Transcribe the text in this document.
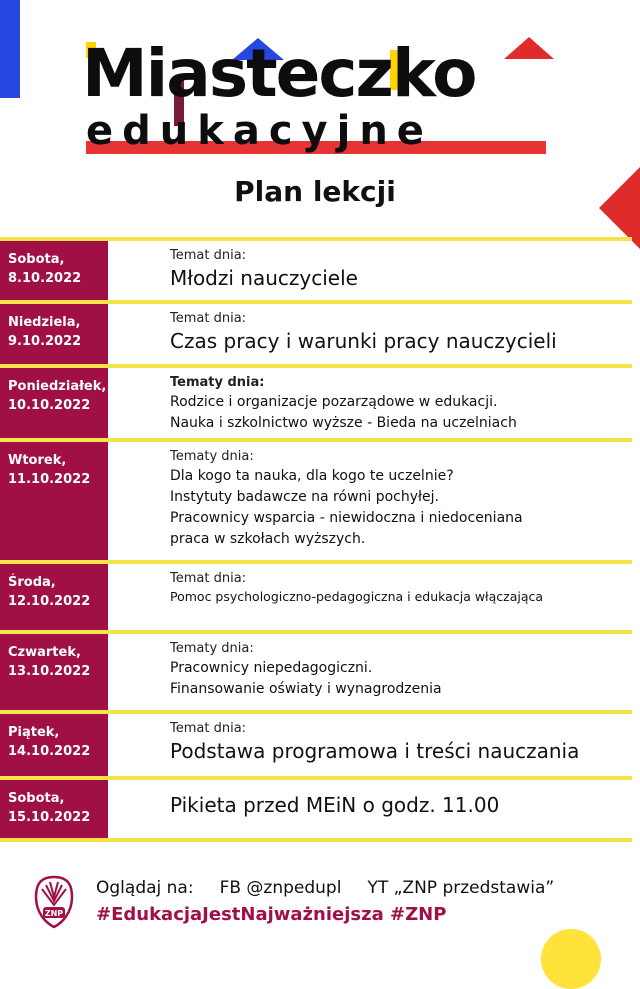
Miasteczko
edukacyjne
Plan lekcji
Sobota,
8.10.2022
Temat dnia:
Młodzi nauczyciele
Niedziela,
9.10.2022
Temat dnia:
Czas pracy i warunki pracy nauczycieli
Poniedziałek,
10.10.2022
Tematy dnia:
Rodzice i organizacje pozarządowe w edukacji.
Nauka i szkolnictwo wyższe - Bieda na uczelniach
Wtorek,
11.10.2022
Tematy dnia:
Dla kogo ta nauka, dla kogo te uczelnie?
Instytuty badawcze na równi pochyłej.
Pracownicy wsparcia - niewidoczna i niedoceniana
praca w szkołach wyższych.
Środa,
12.10.2022
Temat dnia:
Pomoc psychologiczno-pedagogiczna i edukacja włączająca
Czwartek,
13.10.2022
Tematy dnia:
Pracownicy niepedagogiczni.
Finansowanie oświaty i wynagrodzenia
Piątek,
14.10.2022
Temat dnia:
Podstawa programowa i treści nauczania
Sobota,
15.10.2022
Pikieta przed MEiN o godz. 11.00
ZNP
Oglądaj na: FB @znpedupl YT „ZNP przedstawia”
#EdukacjaJestNajważniejsza #ZNP
